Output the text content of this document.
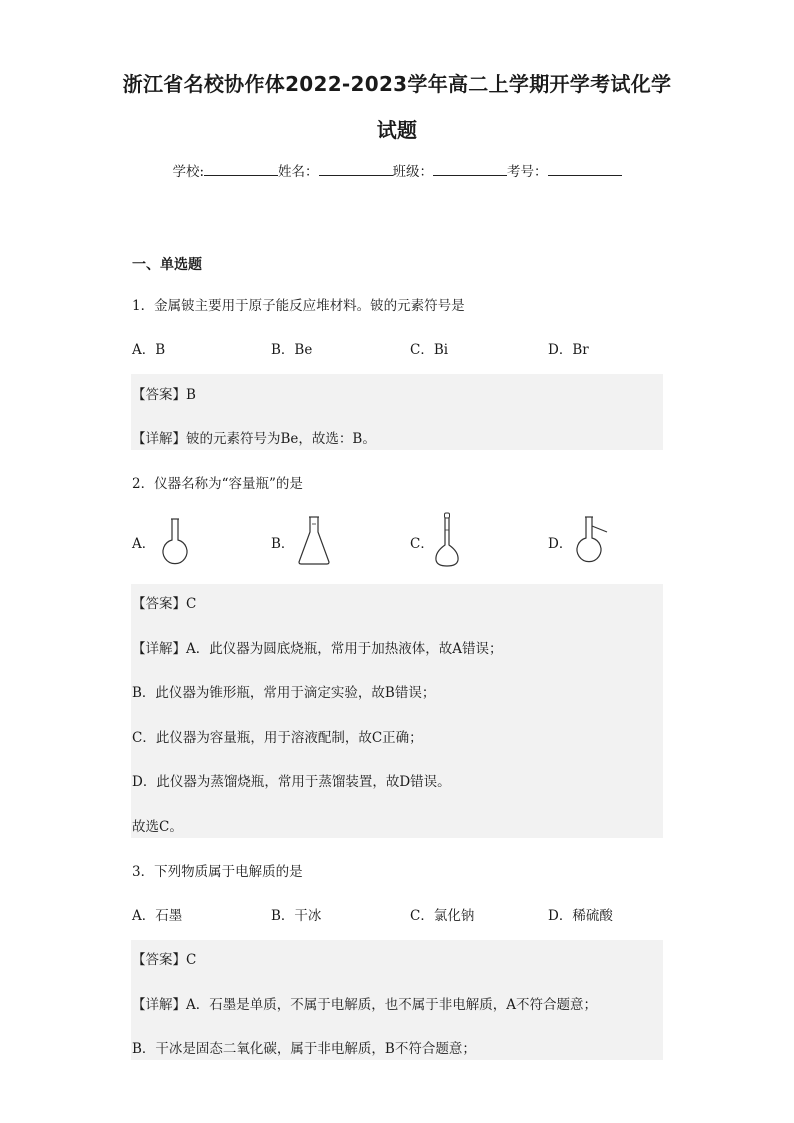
浙江省名校协作体2022-2023学年高二上学期开学考试化学
试题
学校:	姓名：	班级：	考号：
一、单选题
1．金属铍主要用于原子能反应堆材料。铍的元素符号是
A．B	B．Be	C．Bi	D．Br
【答案】B
【详解】铍的元素符号为Be，故选：B。
2．仪器名称为“容量瓶”的是
A．	B．	C．	D．
【答案】C
【详解】A．此仪器为圆底烧瓶，常用于加热液体，故A错误；
B．此仪器为锥形瓶，常用于滴定实验，故B错误；
C．此仪器为容量瓶，用于溶液配制，故C正确；
D．此仪器为蒸馏烧瓶，常用于蒸馏装置，故D错误。
故选C。
3．下列物质属于电解质的是
A．石墨	B．干冰	C．氯化钠	D．稀硫酸
【答案】C
【详解】A．石墨是单质，不属于电解质，也不属于非电解质，A不符合题意；
B．干冰是固态二氧化碳，属于非电解质，B不符合题意；
